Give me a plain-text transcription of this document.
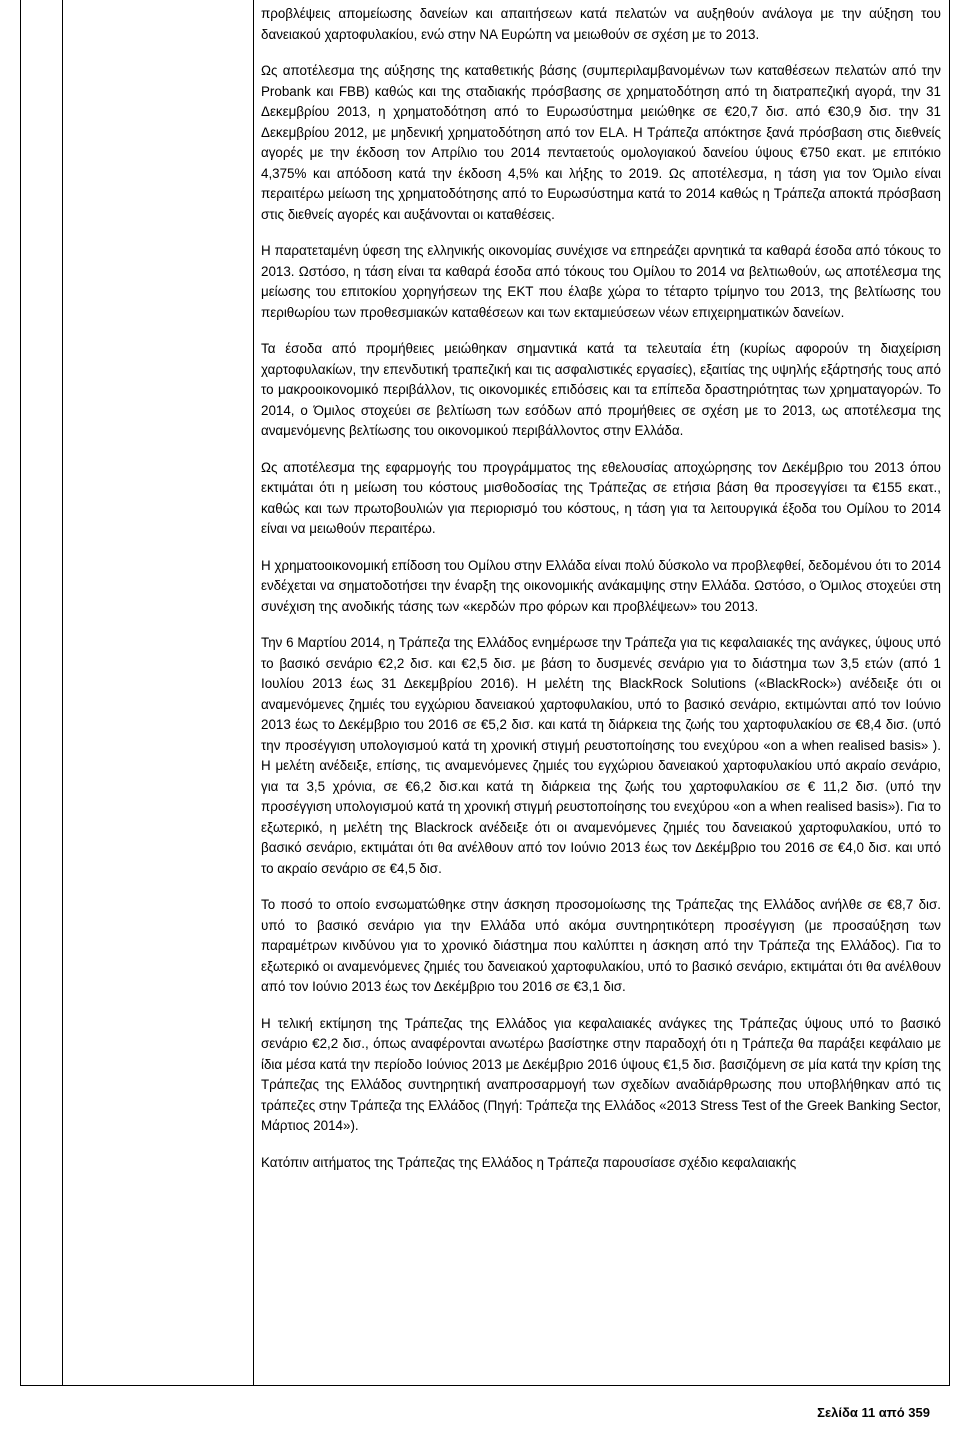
προβλέψεις απομείωσης δανείων και απαιτήσεων κατά πελατών να αυξηθούν ανάλογα με την αύξηση του δανειακού χαρτοφυλακίου, ενώ στην ΝΑ Ευρώπη να μειωθούν σε σχέση με το 2013.

Ως αποτέλεσμα της αύξησης της καταθετικής βάσης (συμπεριλαμβανομένων των καταθέσεων πελατών από την Probank και FBB) καθώς και της σταδιακής πρόσβασης σε χρηματοδότηση από τη διατραπεζική αγορά, την 31 Δεκεμβρίου 2013, η χρηματοδότηση από το Ευρωσύστημα μειώθηκε σε €20,7 δισ. από €30,9 δισ. την 31 Δεκεμβρίου 2012, με μηδενική χρηματοδότηση από τον ELA. Η Τράπεζα απόκτησε ξανά πρόσβαση στις διεθνείς αγορές με την έκδοση τον Απρίλιο του 2014 πενταετούς ομολογιακού δανείου ύψους €750 εκατ. με επιτόκιο 4,375% και απόδοση κατά την έκδοση 4,5% και λήξης το 2019. Ως αποτέλεσμα, η τάση για τον Όμιλο είναι περαιτέρω μείωση της χρηματοδότησης από το Ευρωσύστημα κατά το 2014 καθώς η Τράπεζα αποκτά πρόσβαση στις διεθνείς αγορές και αυξάνονται οι καταθέσεις.

Η παρατεταμένη ύφεση της ελληνικής οικονομίας συνέχισε να επηρεάζει αρνητικά τα καθαρά έσοδα από τόκους το 2013. Ωστόσο, η τάση είναι τα καθαρά έσοδα από τόκους του Ομίλου το 2014 να βελτιωθούν, ως αποτέλεσμα της μείωσης του επιτοκίου χορηγήσεων της ΕΚΤ που έλαβε χώρα το τέταρτο τρίμηνο του 2013, της βελτίωσης του περιθωρίου των προθεσμιακών καταθέσεων και των εκταμιεύσεων νέων επιχειρηματικών δανείων.

Τα έσοδα από προμήθειες μειώθηκαν σημαντικά κατά τα τελευταία έτη (κυρίως αφορούν τη διαχείριση χαρτοφυλακίων, την επενδυτική τραπεζική και τις ασφαλιστικές εργασίες), εξαιτίας της υψηλής εξάρτησής τους από το μακροοικονομικό περιβάλλον, τις οικονομικές επιδόσεις και τα επίπεδα δραστηριότητας των χρηματαγορών. Το 2014, ο Όμιλος στοχεύει σε βελτίωση των εσόδων από προμήθειες σε σχέση με το 2013, ως αποτέλεσμα της αναμενόμενης βελτίωσης του οικονομικού περιβάλλοντος στην Ελλάδα.

Ως αποτέλεσμα της εφαρμογής του προγράμματος της εθελουσίας αποχώρησης τον Δεκέμβριο του 2013 όπου εκτιμάται ότι η μείωση του κόστους μισθοδοσίας της Τράπεζας σε ετήσια βάση θα προσεγγίσει τα €155 εκατ., καθώς και των πρωτοβουλιών για περιορισμό του κόστους, η τάση για τα λειτουργικά έξοδα του Ομίλου το 2014 είναι να μειωθούν περαιτέρω.

Η χρηματοοικονομική επίδοση του Ομίλου στην Ελλάδα είναι πολύ δύσκολο να προβλεφθεί, δεδομένου ότι το 2014 ενδέχεται να σηματοδοτήσει την έναρξη της οικονομικής ανάκαμψης στην Ελλάδα. Ωστόσο, ο Όμιλος στοχεύει στη συνέχιση της ανοδικής τάσης των «κερδών προ φόρων και προβλέψεων» του 2013.

Την 6 Μαρτίου 2014, η Τράπεζα της Ελλάδος ενημέρωσε την Τράπεζα για τις κεφαλαιακές της ανάγκες, ύψους υπό το βασικό σενάριο €2,2 δισ. και €2,5 δισ. με βάση το δυσμενές σενάριο για το διάστημα των 3,5 ετών (από 1 Ιουλίου 2013 έως 31 Δεκεμβρίου 2016). Η μελέτη της BlackRock Solutions («BlackRock») ανέδειξε ότι οι αναμενόμενες ζημιές του εγχώριου δανειακού χαρτοφυλακίου, υπό το βασικό σενάριο, εκτιμώνται από τον Ιούνιο 2013 έως το Δεκέμβριο του 2016 σε €5,2 δισ. και κατά τη διάρκεια της ζωής του χαρτοφυλακίου σε €8,4 δισ. (υπό την προσέγγιση υπολογισμού κατά τη χρονική στιγμή ρευστοποίησης του ενεχύρου «on a when realised basis» ). Η μελέτη ανέδειξε, επίσης, τις αναμενόμενες ζημιές του εγχώριου δανειακού χαρτοφυλακίου υπό ακραίο σενάριο, για τα 3,5 χρόνια, σε €6,2 δισ.και κατά τη διάρκεια της ζωής του χαρτοφυλακίου σε € 11,2 δισ. (υπό την προσέγγιση υπολογισμού κατά τη χρονική στιγμή ρευστοποίησης του ενεχύρου «on a when realised basis»). Για το εξωτερικό, η μελέτη της Blackrock ανέδειξε ότι οι αναμενόμενες ζημιές του δανειακού χαρτοφυλακίου, υπό το βασικό σενάριο, εκτιμάται ότι θα ανέλθουν από τον Ιούνιο 2013 έως τον Δεκέμβριο του 2016 σε €4,0 δισ. και υπό το ακραίο σενάριο σε €4,5 δισ.

Το ποσό το οποίο ενσωματώθηκε στην άσκηση προσομοίωσης της Τράπεζας της Ελλάδος ανήλθε σε €8,7 δισ. υπό το βασικό σενάριο για την Ελλάδα υπό ακόμα συντηρητικότερη προσέγγιση (με προσαύξηση των παραμέτρων κινδύνου για το χρονικό διάστημα που καλύπτει η άσκηση από την Τράπεζα της Ελλάδος). Για το εξωτερικό οι αναμενόμενες ζημιές του δανειακού χαρτοφυλακίου, υπό το βασικό σενάριο, εκτιμάται ότι θα ανέλθουν από τον Ιούνιο 2013 έως τον Δεκέμβριο του 2016 σε €3,1 δισ.

Η τελική εκτίμηση της Τράπεζας της Ελλάδος για κεφαλαιακές ανάγκες της Τράπεζας ύψους υπό το βασικό σενάριο €2,2 δισ., όπως αναφέρονται ανωτέρω βασίστηκε στην παραδοχή ότι η Τράπεζα θα παράξει κεφάλαιο με ίδια μέσα κατά την περίοδο Ιούνιος 2013 με Δεκέμβριο 2016 ύψους €1,5 δισ. βασιζόμενη σε μία κατά την κρίση της Τράπεζας της Ελλάδος συντηρητική αναπροσαρμογή των σχεδίων αναδιάρθρωσης που υποβλήθηκαν από τις τράπεζες στην Τράπεζα της Ελλάδος (Πηγή: Τράπεζα της Ελλάδος «2013 Stress Test of the Greek Banking Sector, Μάρτιος 2014»).

Κατόπιν αιτήματος της Τράπεζας της Ελλάδος η Τράπεζα παρουσίασε σχέδιο κεφαλαιακής

Σελίδα 11 από 359
